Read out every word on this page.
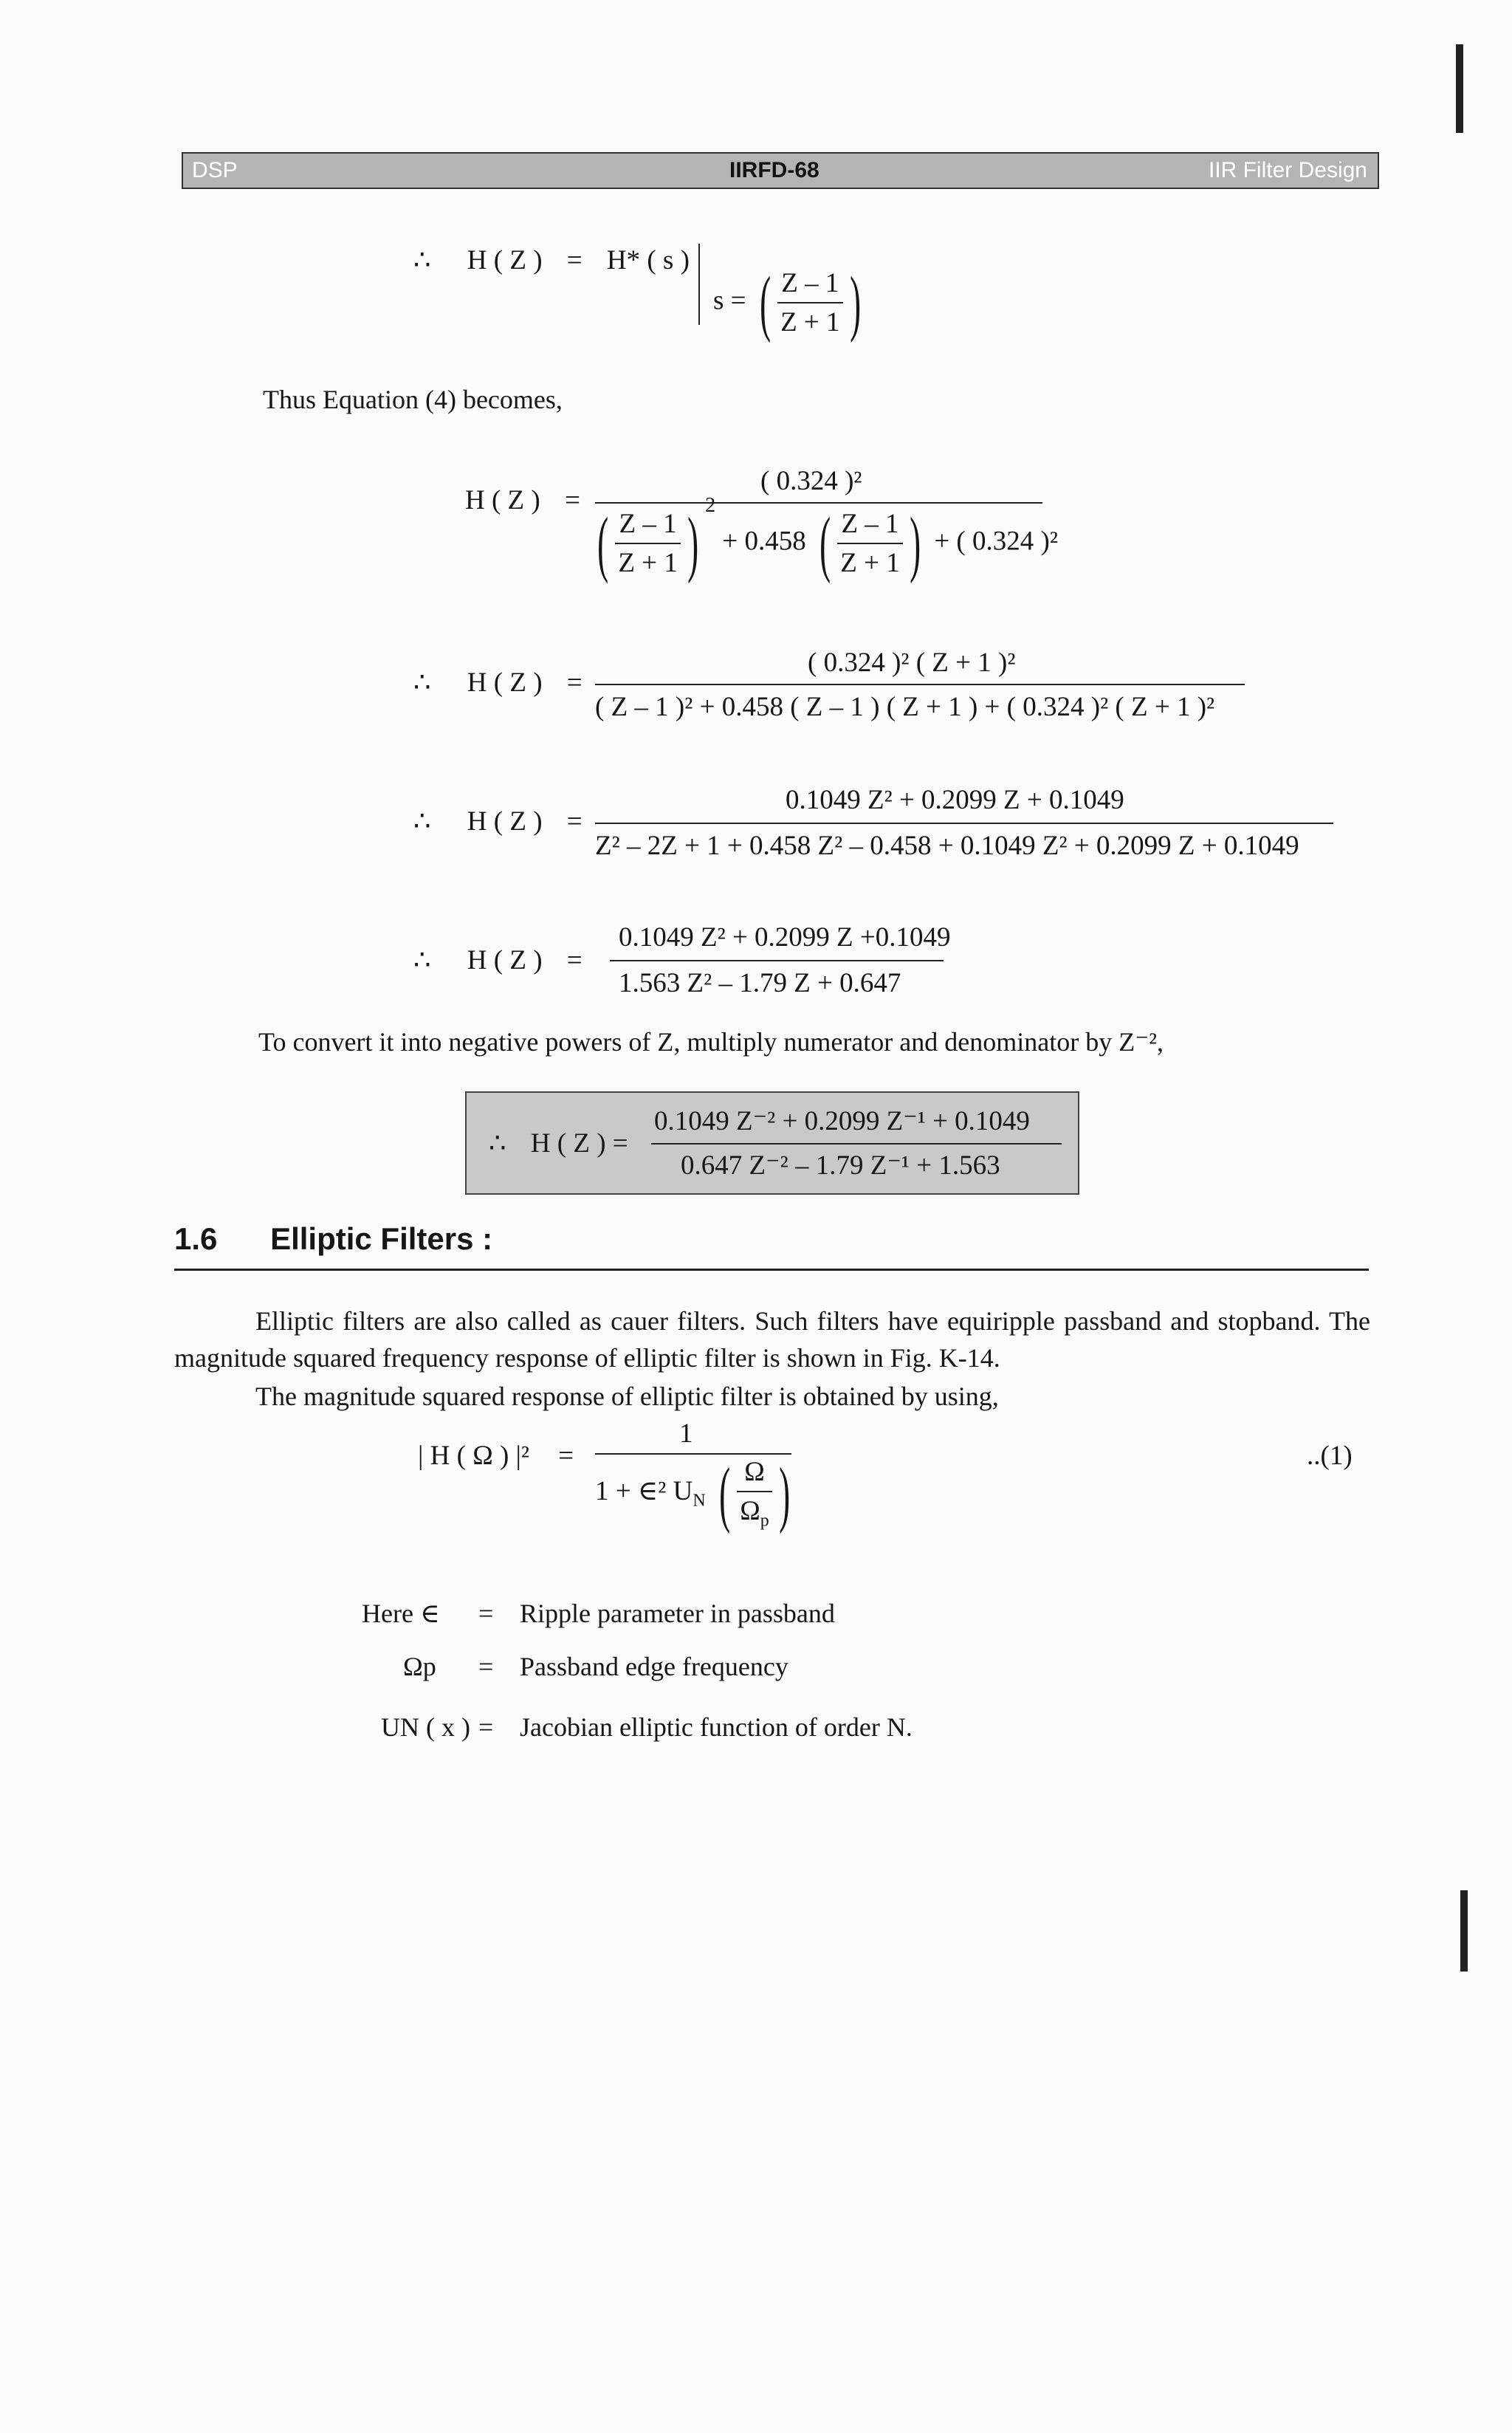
DSP	IIRFD-68	IIR Filter Design
∴ H ( Z ) = H* ( s )
s = ( $\frac{Z - 1}{Z + 1}$ )
Thus Equation (4) becomes,
H ( Z ) =
( 0.324 )²
( $\frac{Z - 1}{Z + 1}$ ) $^2$ + 0.458 ( $\frac{Z - 1}{Z + 1}$ ) + ( 0.324 )²
∴ H ( Z ) =
( 0.324 )² ( Z + 1 )²
( Z – 1 )² + 0.458 ( Z – 1 ) ( Z + 1 ) + ( 0.324 )² ( Z + 1 )²
∴ H ( Z ) =
0.1049 Z² + 0.2099 Z + 0.1049
Z² – 2Z + 1 + 0.458 Z² – 0.458 + 0.1049 Z² + 0.2099 Z + 0.1049
∴ H ( Z ) =
0.1049 Z² + 0.2099 Z +0.1049
1.563 Z² – 1.79 Z + 0.647
To convert it into negative powers of Z, multiply numerator and denominator by Z⁻²,
∴ H ( Z ) =
0.1049 Z⁻² + 0.2099 Z⁻¹ + 0.1049
0.647 Z⁻² – 1.79 Z⁻¹ + 1.563
1.6 Elliptic Filters :
Elliptic filters are also called as cauer filters. Such filters have equiripple passband and stopband. The magnitude squared frequency response of elliptic filter is shown in Fig. K-14.
The magnitude squared response of elliptic filter is obtained by using,
| H ( Ω ) |² =
1
1 + ∈² $U_N$ ( $\frac{\Omega}{\Omega_p}$ )	..(1)
Here ∈ = Ripple parameter in passband
Ωp = Passband edge frequency
UN ( x ) = Jacobian elliptic function of order N.
